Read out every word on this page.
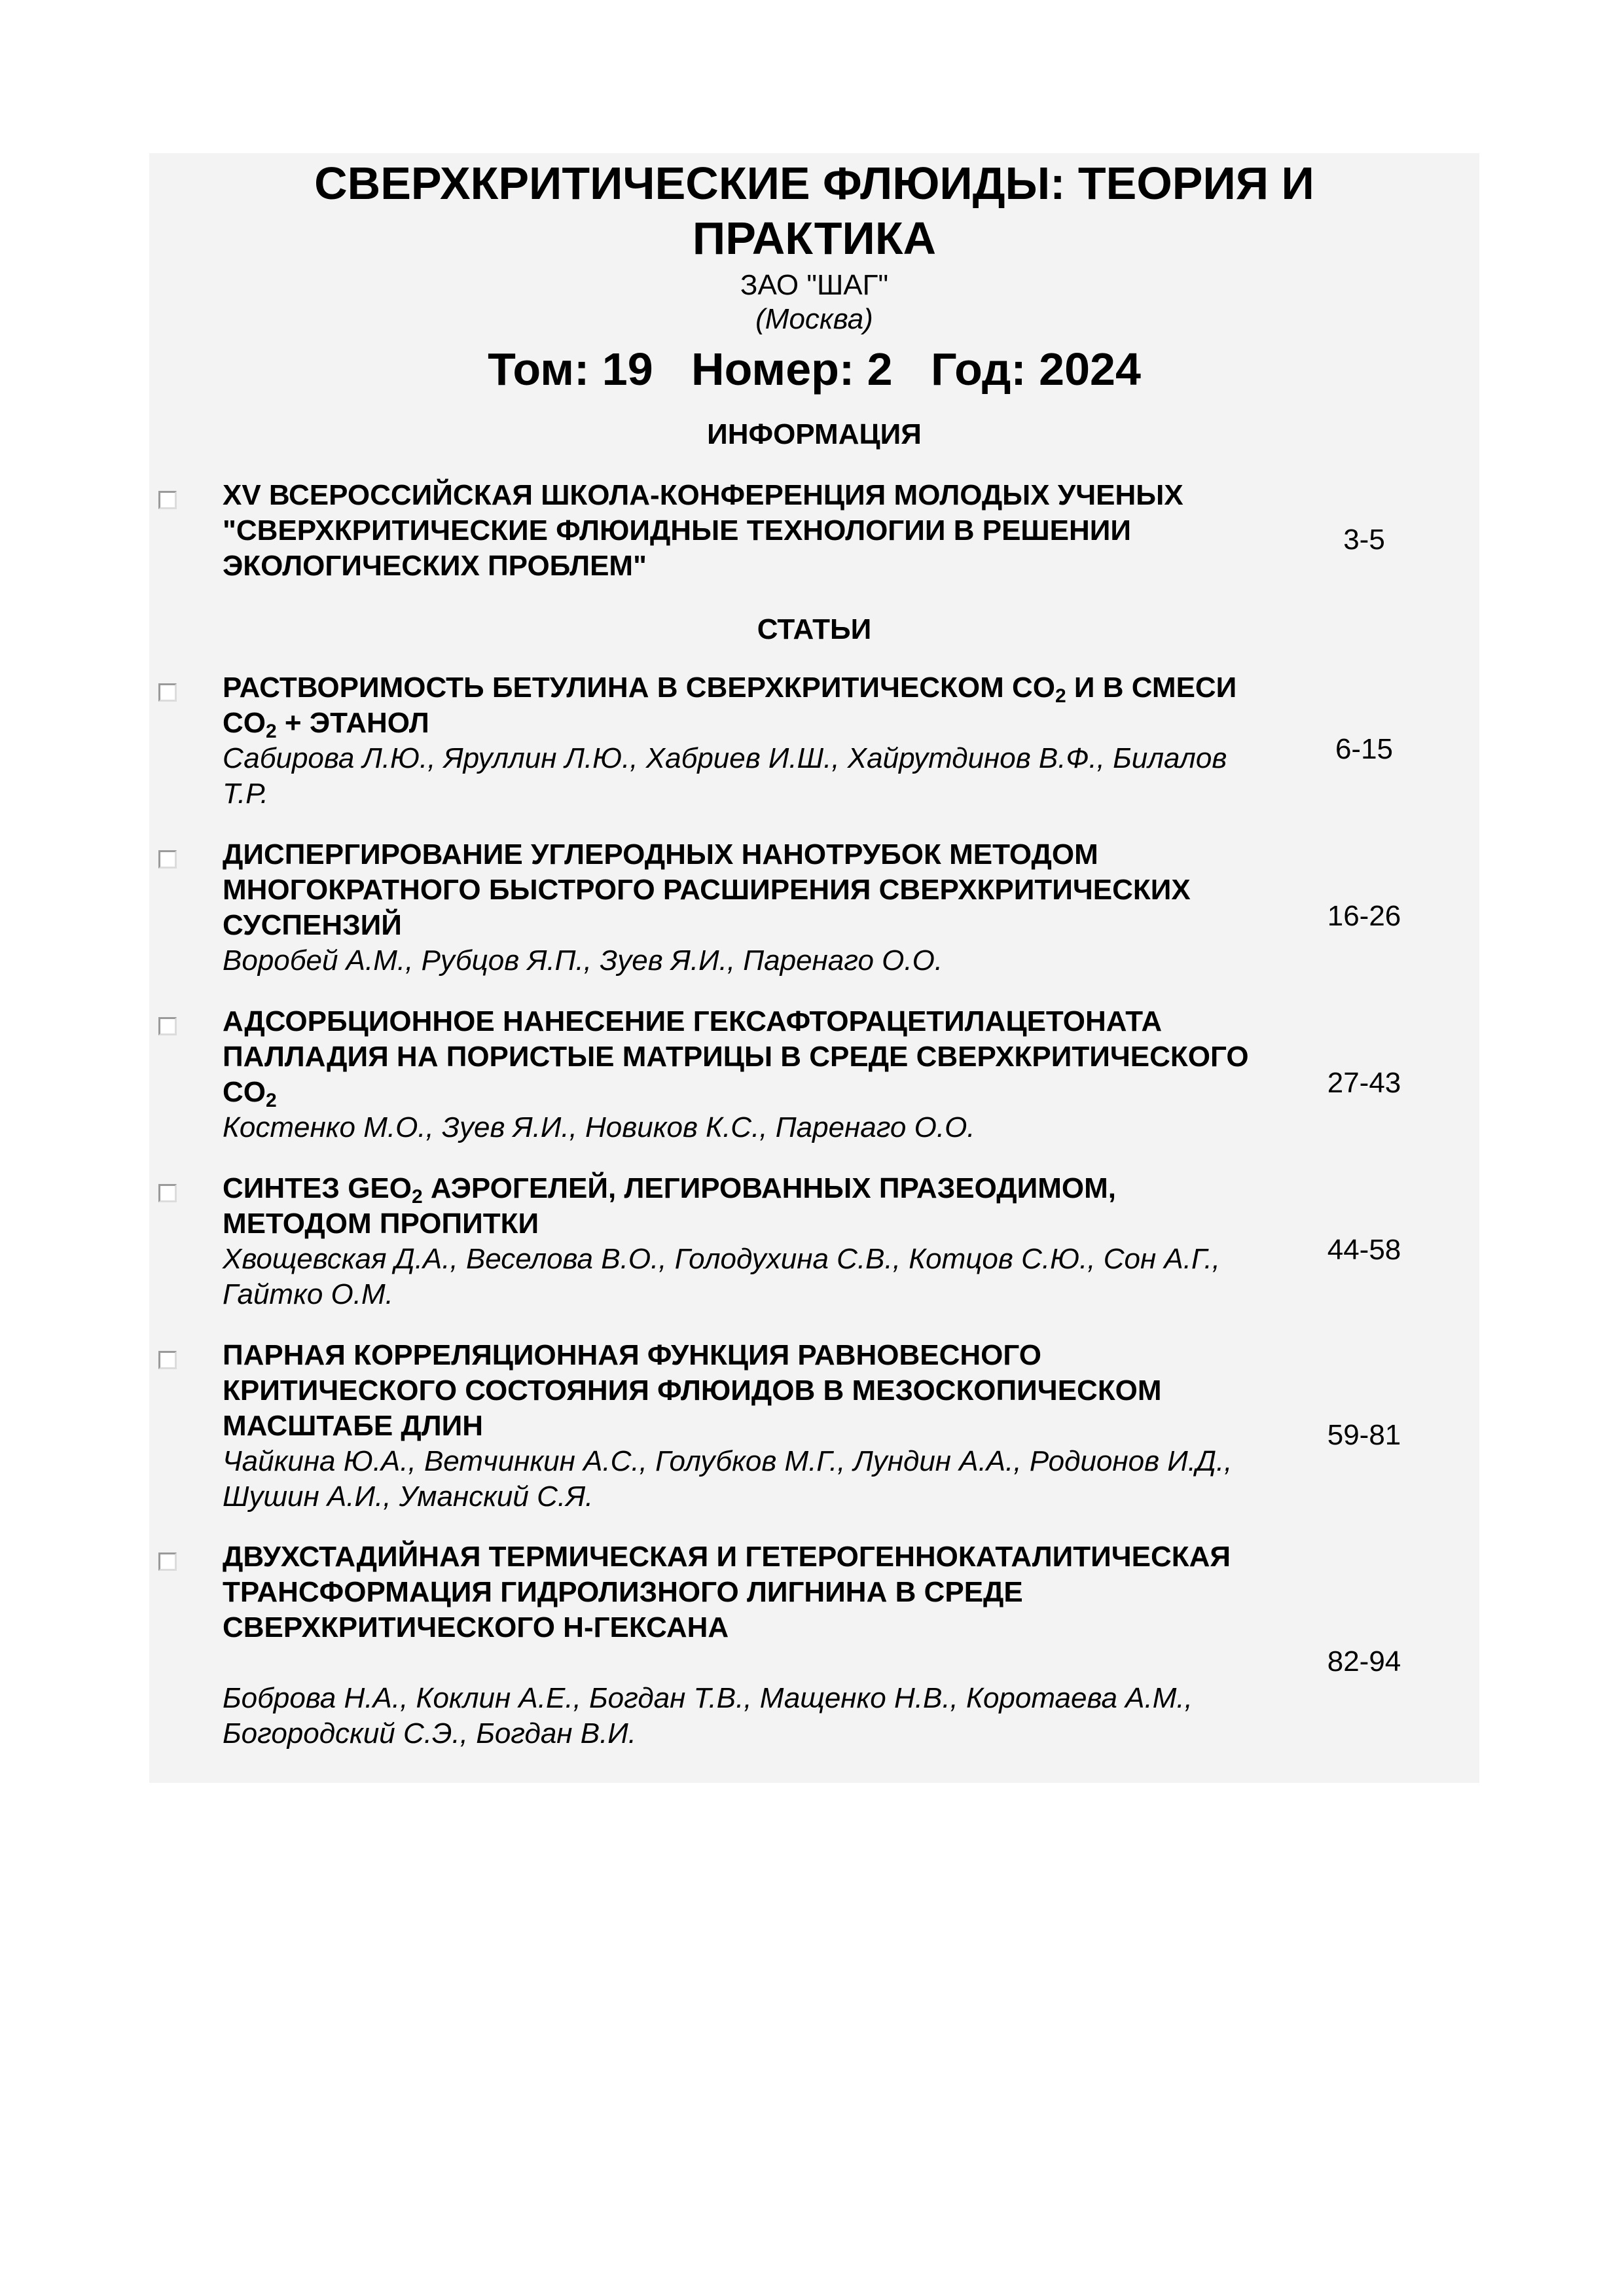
СВЕРХКРИТИЧЕСКИЕ ФЛЮИДЫ: ТЕОРИЯ И
ПРАКТИКА
ЗАО "ШАГ"
(Москва)
Том: 19 Номер: 2 Год: 2024
ИНФОРМАЦИЯ
XV ВСЕРОССИЙСКАЯ ШКОЛА-КОНФЕРЕНЦИЯ МОЛОДЫХ УЧЕНЫХ "СВЕРХКРИТИЧЕСКИЕ ФЛЮИДНЫЕ ТЕХНОЛОГИИ В РЕШЕНИИ ЭКОЛОГИЧЕСКИХ ПРОБЛЕМ"
3-5
СТАТЬИ
РАСТВОРИМОСТЬ БЕТУЛИНА В СВЕРХКРИТИЧЕСКОМ $CO_2$ И В СМЕСИ $CO_2$ + ЭТАНОЛ
Сабирова Л.Ю., Яруллин Л.Ю., Хабриев И.Ш., Хайрутдинов В.Ф., Билалов Т.Р.
6-15
ДИСПЕРГИРОВАНИЕ УГЛЕРОДНЫХ НАНОТРУБОК МЕТОДОМ МНОГОКРАТНОГО БЫСТРОГО РАСШИРЕНИЯ СВЕРХКРИТИЧЕСКИХ СУСПЕНЗИЙ
Воробей А.М., Рубцов Я.П., Зуев Я.И., Паренаго О.О.
16-26
АДСОРБЦИОННОЕ НАНЕСЕНИЕ ГЕКСАФТОРАЦЕТИЛАЦЕТОНАТА ПАЛЛАДИЯ НА ПОРИСТЫЕ МАТРИЦЫ В СРЕДЕ СВЕРХКРИТИЧЕСКОГО $CO_2$
Костенко М.О., Зуев Я.И., Новиков К.С., Паренаго О.О.
27-43
СИНТЕЗ $GEO_2$ АЭРОГЕЛЕЙ, ЛЕГИРОВАННЫХ ПРАЗЕОДИМОМ, МЕТОДОМ ПРОПИТКИ
Хвощевская Д.А., Веселова В.О., Голодухина С.В., Котцов С.Ю., Сон А.Г., Гайтко О.М.
44-58
ПАРНАЯ КОРРЕЛЯЦИОННАЯ ФУНКЦИЯ РАВНОВЕСНОГО КРИТИЧЕСКОГО СОСТОЯНИЯ ФЛЮИДОВ В МЕЗОСКОПИЧЕСКОМ МАСШТАБЕ ДЛИН
Чайкина Ю.А., Ветчинкин А.С., Голубков М.Г., Лундин А.А., Родионов И.Д., Шушин А.И., Уманский С.Я.
59-81
ДВУХСТАДИЙНАЯ ТЕРМИЧЕСКАЯ И ГЕТЕРОГЕННОКАТАЛИТИЧЕСКАЯ ТРАНСФОРМАЦИЯ ГИДРОЛИЗНОГО ЛИГНИНА В СРЕДЕ СВЕРХКРИТИЧЕСКОГО Н-ГЕКСАНА
Боброва Н.А., Коклин А.Е., Богдан Т.В., Мащенко Н.В., Коротаева А.М., Богородский С.Э., Богдан В.И.
82-94
